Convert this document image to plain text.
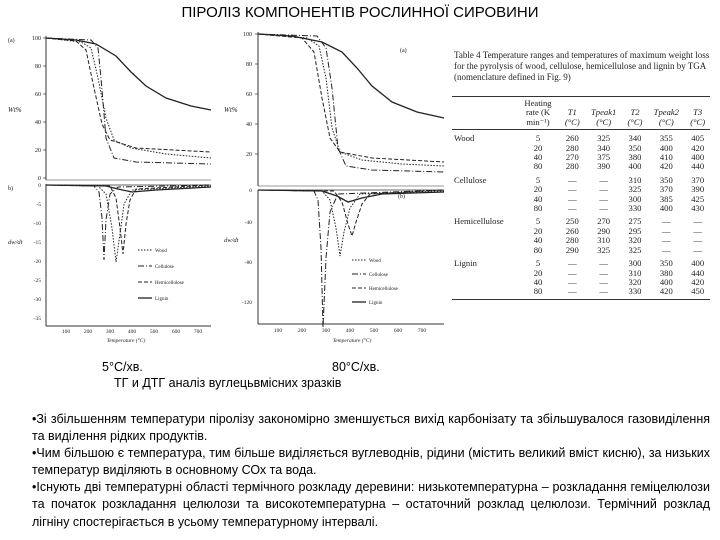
ПІРОЛІЗ КОМПОНЕНТІВ РОСЛИННОЇ СИРОВИНИ
(a)
Wt%
100
80
60
40
20
0
b)
dw/dt
0
-5
-10
-15
-20
-25
-30
-35
Wood
Cellulose
Hemicellulose
Lignin
100	200	300	400	500	600	700
Temperature (°C)
(a)
Wt%
100
80
60
40
20
(b)
dw/dt
0
-40
-80
-120
Wood
Cellulose
Hemicellulose
Lignin
100	200	300	400	500	600	700
Temperature (°C)
Table 4 Temperature ranges and temperatures of maximum weight loss for the pyrolysis of wood, cellulose, hemicellulose and lignin by TGA (nomenclature defined in Fig. 9)
	Heating rate (K min⁻¹)	T1 (°C)	Tpeak1 (°C)	T2 (°C)	Tpeak2 (°C)	T3 (°C)
Wood	5	260	325	340	355	405
	20	280	340	350	400	420
	40	270	375	380	410	400
	80	280	390	400	420	440
Cellulose	5	—	—	310	350	370
	20	—	—	325	370	390
	40	—	—	300	385	425
	80	—	—	330	400	430
Hemicellulose	5	250	270	275	—	—
	20	260	290	295	—	—
	40	280	310	320	—	—
	80	290	325	325	—	—
Lignin	5	—	—	300	350	400
	20	—	—	310	380	440
	40	—	—	320	400	420
	80	—	—	330	420	450
5°С/хв.	80°С/хв.
ТГ и ДТГ аналіз вуглецьвмісних зразків

•Зі збільшенням температури піролізу закономірно зменшується вихід карбонізату та збільшувалося газовиділення та виділення рідких продуктів.

•Чим більшою є температура, тим більше виділяється вуглеводнів, рідини (містить великий вміст кисню), за низьких температур виділяють в основному СОх та вода.

•Існують дві температурні області термічного розкладу деревини: низькотемпературна – розкладання геміцелюлози та початок розкладання целюлози та високотемпературна – остаточний розклад целюлози. Термічний розклад лігніну спостерігається в усьому температурному інтервалі.
